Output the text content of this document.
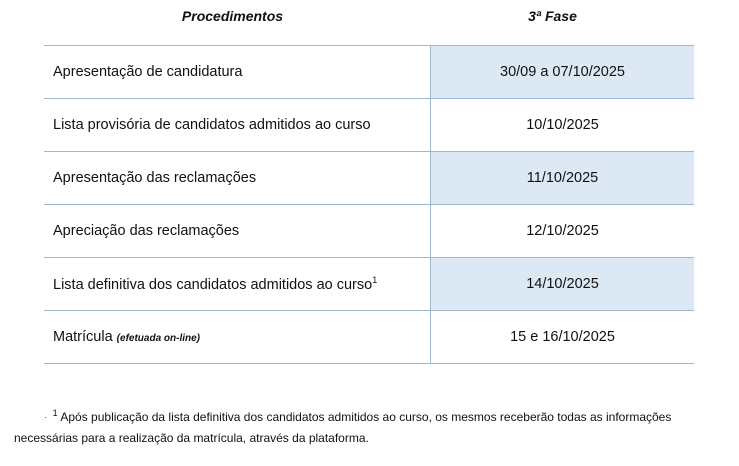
Procedimentos	3ª Fase
Apresentação de candidatura	30/09 a 07/10/2025
Lista provisória de candidatos admitidos ao curso	10/10/2025
Apresentação das reclamações	11/10/2025
Apreciação das reclamações	12/10/2025
Lista definitiva dos candidatos admitidos ao curso$^1$	14/10/2025
Matrícula (efetuada on-line)	15 e 16/10/2025
· $^1$ Após publicação da lista definitiva dos candidatos admitidos ao curso, os mesmos receberão todas as informações
necessárias para a realização da matrícula, através da plataforma.
